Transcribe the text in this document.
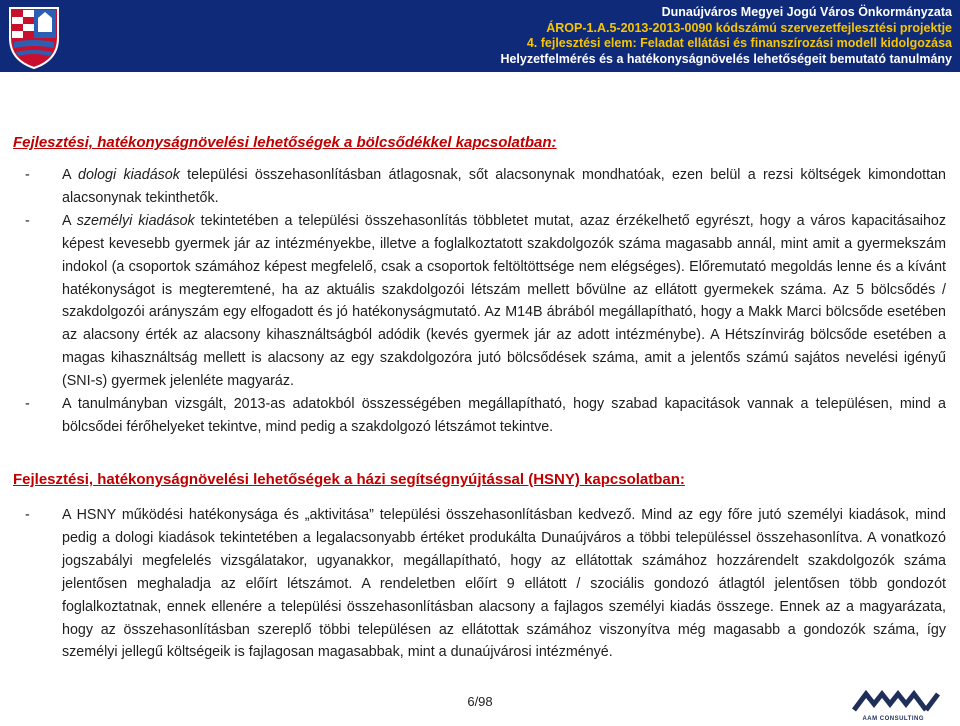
Dunaújváros Megyei Jogú Város Önkormányzata
ÁROP-1.A.5-2013-2013-0090 kódszámú szervezetfejlesztési projektje
4. fejlesztési elem: Feladat ellátási és finanszírozási modell kidolgozása
Helyzetfelmérés és a hatékonyságnövelés lehetőségeit bemutató tanulmány
Fejlesztési, hatékonyságnövelési lehetőségek a bölcsődékkel kapcsolatban:
- A dologi kiadások települési összehasonlításban átlagosnak, sőt alacsonynak mondhatóak, ezen belül a rezsi költségek kimondottan alacsonynak tekinthetők.
- A személyi kiadások tekintetében a települési összehasonlítás többletet mutat, azaz érzékelhető egyrészt, hogy a város kapacitásaihoz képest kevesebb gyermek jár az intézményekbe, illetve a foglalkoztatott szakdolgozók száma magasabb annál, mint amit a gyermekszám indokol (a csoportok számához képest megfelelő, csak a csoportok feltöltöttsége nem elégséges). Előremutató megoldás lenne és a kívánt hatékonyságot is megteremtené, ha az aktuális szakdolgozói létszám mellett bővülne az ellátott gyermekek száma. Az 5 bölcsődés / szakdolgozói arányszám egy elfogadott és jó hatékonyságmutató. Az M14B ábrából megállapítható, hogy a Makk Marci bölcsőde esetében az alacsony érték az alacsony kihasználtságból adódik (kevés gyermek jár az adott intézménybe). A Hétszínvirág bölcsőde esetében a magas kihasználtság mellett is alacsony az egy szakdolgozóra jutó bölcsődések száma, amit a jelentős számú sajátos nevelési igényű (SNI-s) gyermek jelenléte magyaráz.
- A tanulmányban vizsgált, 2013-as adatokból összességében megállapítható, hogy szabad kapacitások vannak a településen, mind a bölcsődei férőhelyeket tekintve, mind pedig a szakdolgozó létszámot tekintve.
Fejlesztési, hatékonyságnövelési lehetőségek a házi segítségnyújtással (HSNY) kapcsolatban:
- A HSNY működési hatékonysága és „aktivitása” települési összehasonlításban kedvező. Mind az egy főre jutó személyi kiadások, mind pedig a dologi kiadások tekintetében a legalacsonyabb értéket produkálta Dunaújváros a többi településsel összehasonlítva. A vonatkozó jogszabályi megfelelés vizsgálatakor, ugyanakkor, megállapítható, hogy az ellátottak számához hozzárendelt szakdolgozók száma jelentősen meghaladja az előírt létszámot. A rendeletben előírt 9 ellátott / szociális gondozó átlagtól jelentősen több gondozót foglalkoztatnak, ennek ellenére a települési összehasonlításban alacsony a fajlagos személyi kiadás összege. Ennek az a magyarázata, hogy az összehasonlításban szereplő többi településen az ellátottak számához viszonyítva még magasabb a gondozók száma, így személyi jellegű költségeik is fajlagosan magasabbak, mint a dunaújvárosi intézményé.
6/98
AAM CONSULTING
